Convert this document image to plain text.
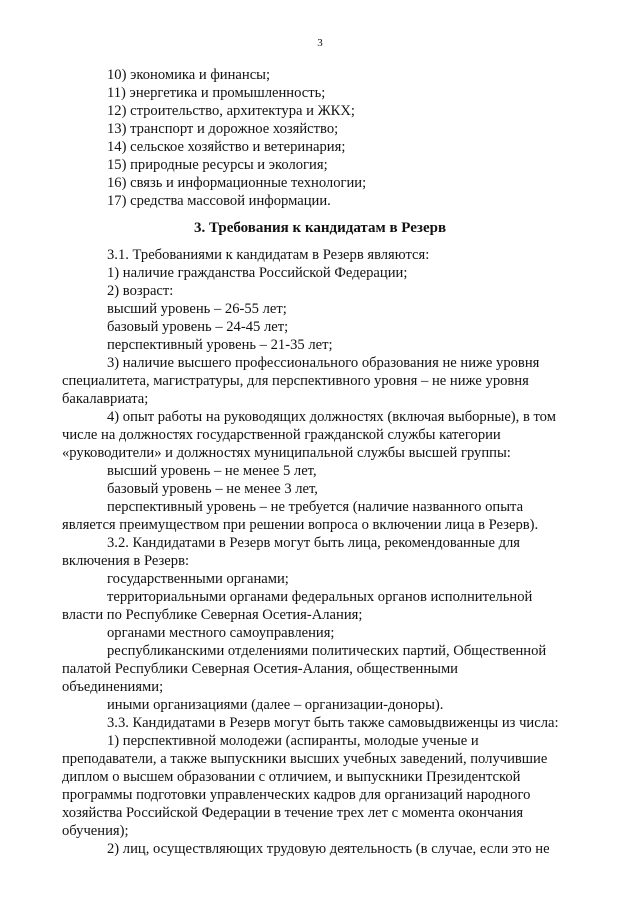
3
10) экономика и финансы;
11) энергетика и промышленность;
12) строительство, архитектура и ЖКХ;
13) транспорт и дорожное хозяйство;
14) сельское хозяйство и ветеринария;
15) природные ресурсы и экология;
16) связь и информационные технологии;
17) средства массовой информации.
3. Требования к кандидатам в Резерв
3.1. Требованиями к кандидатам в Резерв являются:
1) наличие гражданства Российской Федерации;
2) возраст:
высший уровень – 26-55 лет;
базовый уровень – 24-45 лет;
перспективный уровень – 21-35 лет;
3) наличие высшего профессионального образования не ниже уровня
специалитета, магистратуры, для перспективного уровня – не ниже уровня
бакалавриата;
4) опыт работы на руководящих должностях (включая выборные), в том
числе на должностях государственной гражданской службы категории
«руководители» и должностях муниципальной службы высшей группы:
высший уровень – не менее 5 лет,
базовый уровень – не менее 3 лет,
перспективный уровень – не требуется (наличие названного опыта
является преимуществом при решении вопроса о включении лица в Резерв).
3.2. Кандидатами в Резерв могут быть лица, рекомендованные для
включения в Резерв:
государственными органами;
территориальными органами федеральных органов исполнительной
власти по Республике Северная Осетия-Алания;
органами местного самоуправления;
республиканскими отделениями политических партий, Общественной
палатой Республики Северная Осетия-Алания, общественными
объединениями;
иными организациями (далее – организации-доноры).
3.3. Кандидатами в Резерв могут быть также самовыдвиженцы из числа:
1) перспективной молодежи (аспиранты, молодые ученые и
преподаватели, а также выпускники высших учебных заведений, получившие
диплом о высшем образовании с отличием, и выпускники Президентской
программы подготовки управленческих кадров для организаций народного
хозяйства Российской Федерации в течение трех лет с момента окончания
обучения);
2) лиц, осуществляющих трудовую деятельность (в случае, если это не
